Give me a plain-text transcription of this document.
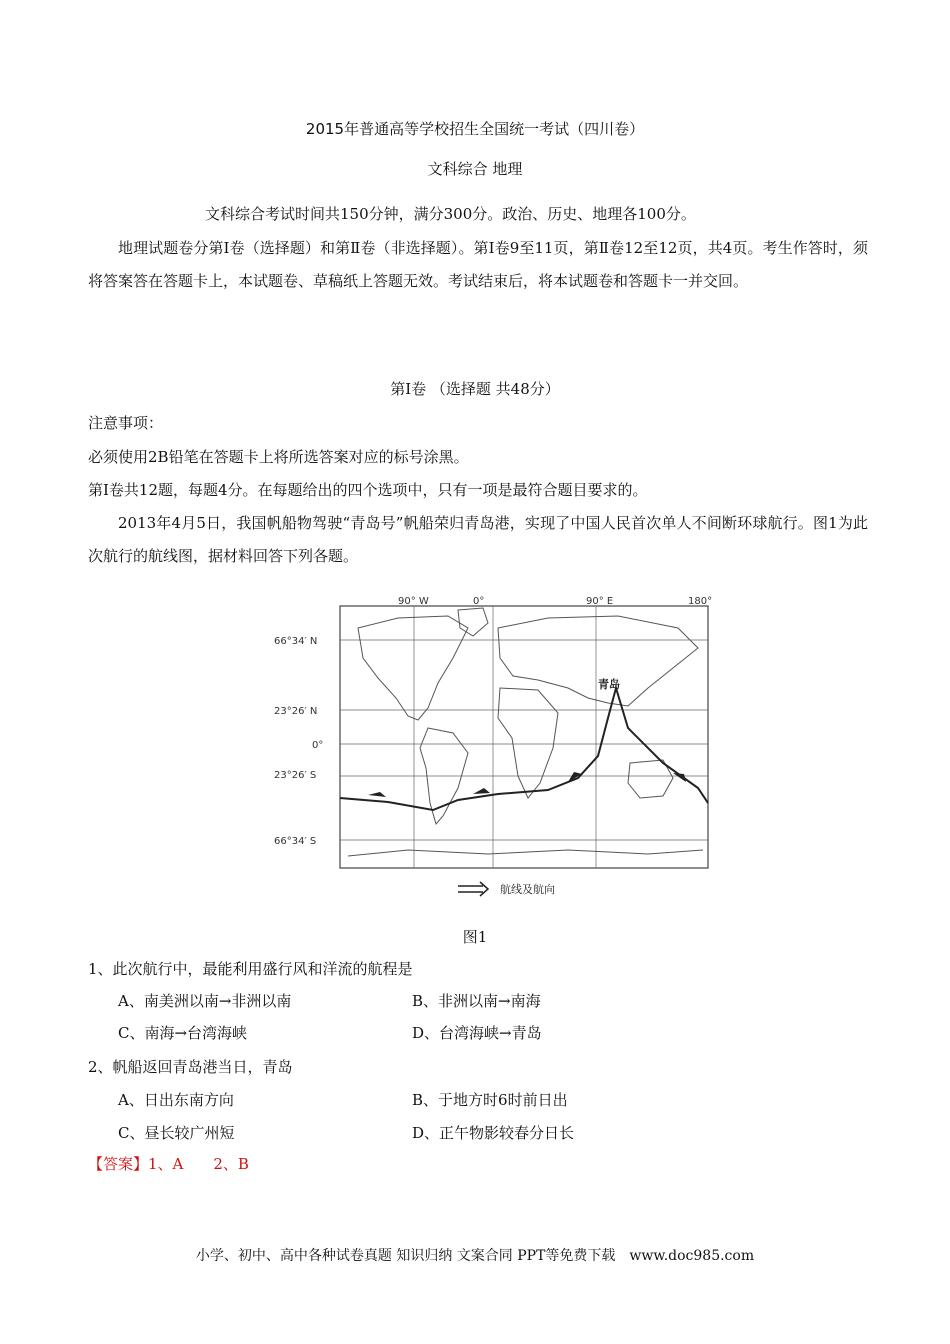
2015年普通高等学校招生全国统一考试（四川卷）
文科综合 地理
文科综合考试时间共150分钟，满分300分。政治、历史、地理各100分。
地理试题卷分第Ⅰ卷（选择题）和第Ⅱ卷（非选择题）。第Ⅰ卷9至11页，第Ⅱ卷12至12页，共4页。考生作答时，须将答案答在答题卡上，本试题卷、草稿纸上答题无效。考试结束后，将本试题卷和答题卡一并交回。
第Ⅰ卷 （选择题 共48分）
注意事项：
必须使用2B铅笔在答题卡上将所选答案对应的标号涂黑。
第Ⅰ卷共12题，每题4分。在每题给出的四个选项中，只有一项是最符合题目要求的。
2013年4月5日，我国帆船物驾驶“青岛号”帆船荣归青岛港，实现了中国人民首次单人不间断环球航行。图1为此次航行的航线图，据材料回答下列各题。
90° W	0°	90° E	180°
66°34′ N
23°26′ N
0°
23°26′ S
66°34′ S
青岛
航线及航向
图1
1、此次航行中，最能利用盛行风和洋流的航程是
A、南美洲以南→非洲以南	B、非洲以南→南海
C、南海→台湾海峡	D、台湾海峡→青岛
2、帆船返回青岛港当日，青岛
A、日出东南方向	B、于地方时6时前日出
C、昼长较广州短	D、正午物影较春分日长
【答案】1、A　　2、B
小学、初中、高中各种试卷真题 知识归纳 文案合同 PPT等免费下载　www.doc985.com
